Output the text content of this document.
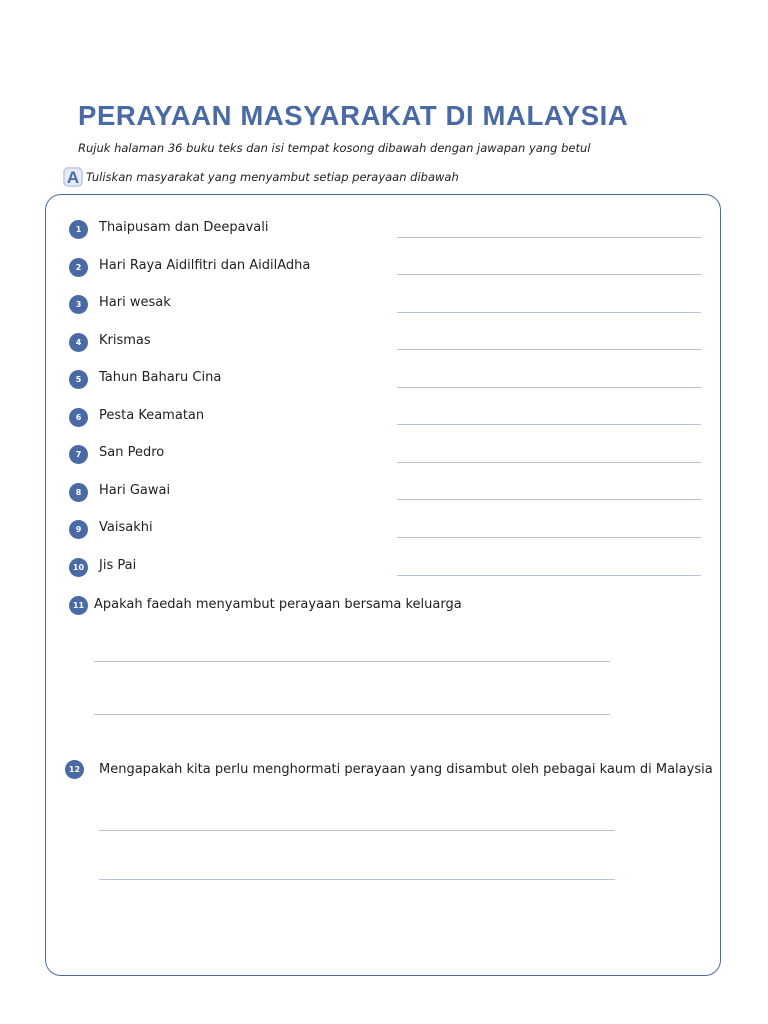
PERAYAAN MASYARAKAT DI MALAYSIA
Rujuk halaman 36 buku teks dan isi tempat kosong dibawah dengan jawapan yang betul
A Tuliskan masyarakat yang menyambut setiap perayaan dibawah
1	Thaipusam dan Deepavali
2	Hari Raya Aidilfitri dan AidilAdha
3	Hari wesak
4	Krismas
5	Tahun Baharu Cina
6	Pesta Keamatan
7	San Pedro
8	Hari Gawai
9	Vaisakhi
10	Jis Pai
11 Apakah faedah menyambut perayaan bersama keluarga
12	Mengapakah kita perlu menghormati perayaan yang disambut oleh pebagai kaum di Malaysia
